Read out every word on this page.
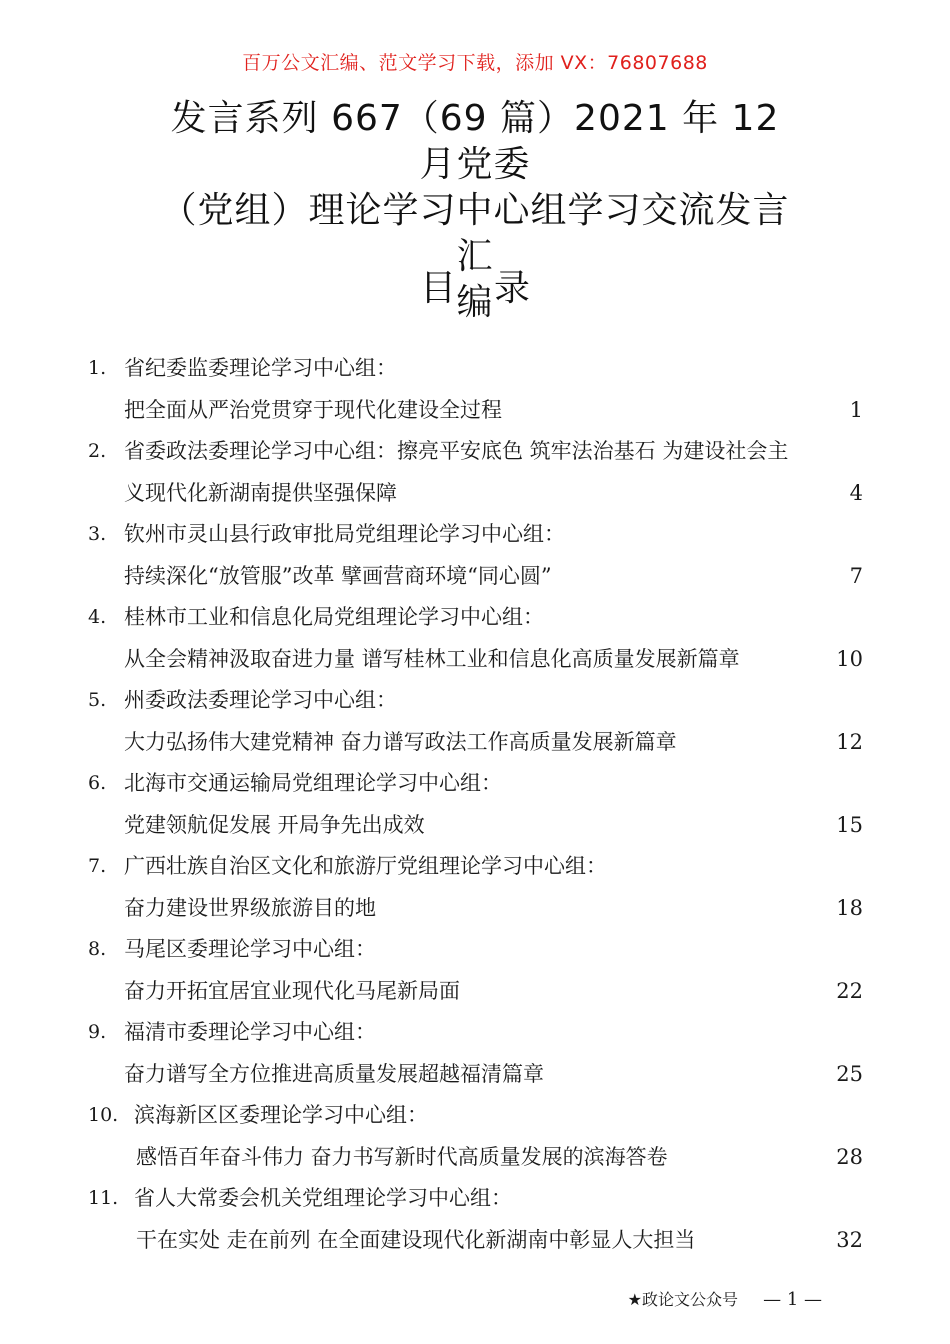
百万公文汇编、范文学习下载，添加 VX：76807688
发言系列 667（69 篇）2021 年 12 月党委
（党组）理论学习中心组学习交流发言汇
编
目 录
1. 省纪委监委理论学习中心组：
把全面从严治党贯穿于现代化建设全过程	1
2. 省委政法委理论学习中心组：擦亮平安底色 筑牢法治基石 为建设社会主
义现代化新湖南提供坚强保障	4
3. 钦州市灵山县行政审批局党组理论学习中心组：
持续深化“放管服”改革 擘画营商环境“同心圆”	7
4. 桂林市工业和信息化局党组理论学习中心组：
从全会精神汲取奋进力量 谱写桂林工业和信息化高质量发展新篇章	10
5. 州委政法委理论学习中心组：
大力弘扬伟大建党精神 奋力谱写政法工作高质量发展新篇章	12
6. 北海市交通运输局党组理论学习中心组：
党建领航促发展 开局争先出成效	15
7. 广西壮族自治区文化和旅游厅党组理论学习中心组：
奋力建设世界级旅游目的地	18
8. 马尾区委理论学习中心组：
奋力开拓宜居宜业现代化马尾新局面	22
9. 福清市委理论学习中心组：
奋力谱写全方位推进高质量发展超越福清篇章	25
10. 滨海新区区委理论学习中心组：
感悟百年奋斗伟力 奋力书写新时代高质量发展的滨海答卷	28
11. 省人大常委会机关党组理论学习中心组：
干在实处 走在前列 在全面建设现代化新湖南中彰显人大担当	32
★政论文公众号 — 1 —
